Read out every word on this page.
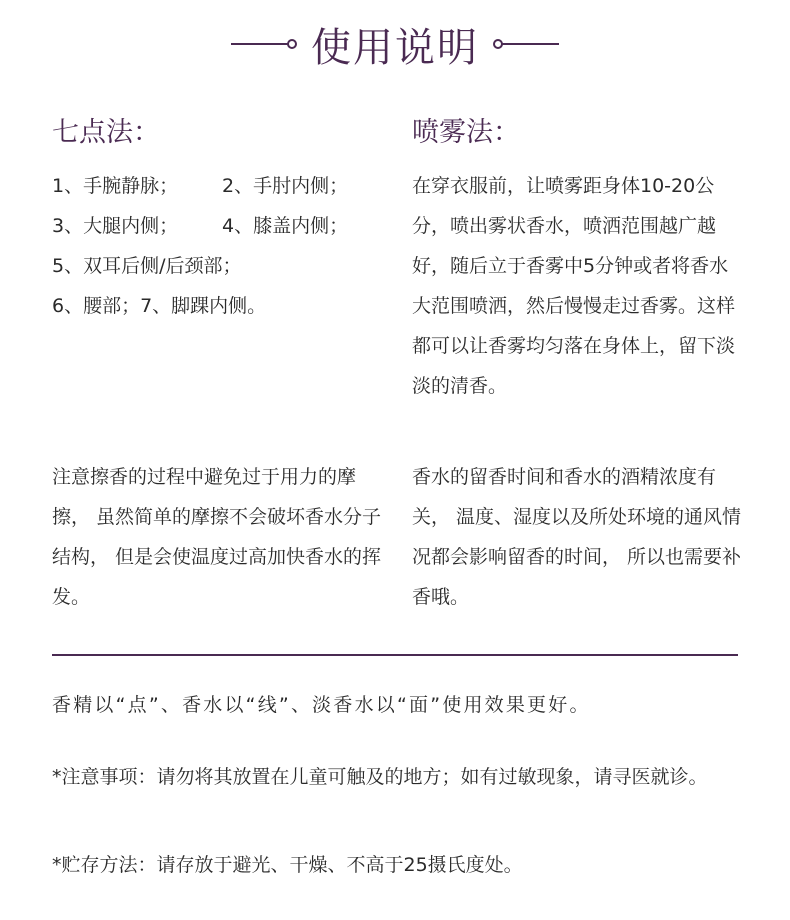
使用说明
七点法：	喷雾法：
1、手腕静脉；	2、手肘内侧；
3、大腿内侧；	4、膝盖内侧；
5、双耳后侧/后颈部；
6、腰部；7、脚踝内侧。
在穿衣服前，让喷雾距身体10-20公分，喷出雾状香水，喷洒范围越广越好，随后立于香雾中5分钟或者将香水大范围喷洒，然后慢慢走过香雾。这样都可以让香雾均匀落在身体上，留下淡淡的清香。
注意擦香的过程中避免过于用力的摩擦， 虽然简单的摩擦不会破坏香水分子结构， 但是会使温度过高加快香水的挥发。
香水的留香时间和香水的酒精浓度有关， 温度、湿度以及所处环境的通风情况都会影响留香的时间， 所以也需要补香哦。
香精以“点”、香水以“线”、淡香水以“面”使用效果更好。
*注意事项：请勿将其放置在儿童可触及的地方；如有过敏现象，请寻医就诊。
*贮存方法：请存放于避光、干燥、不高于25摄氏度处。
